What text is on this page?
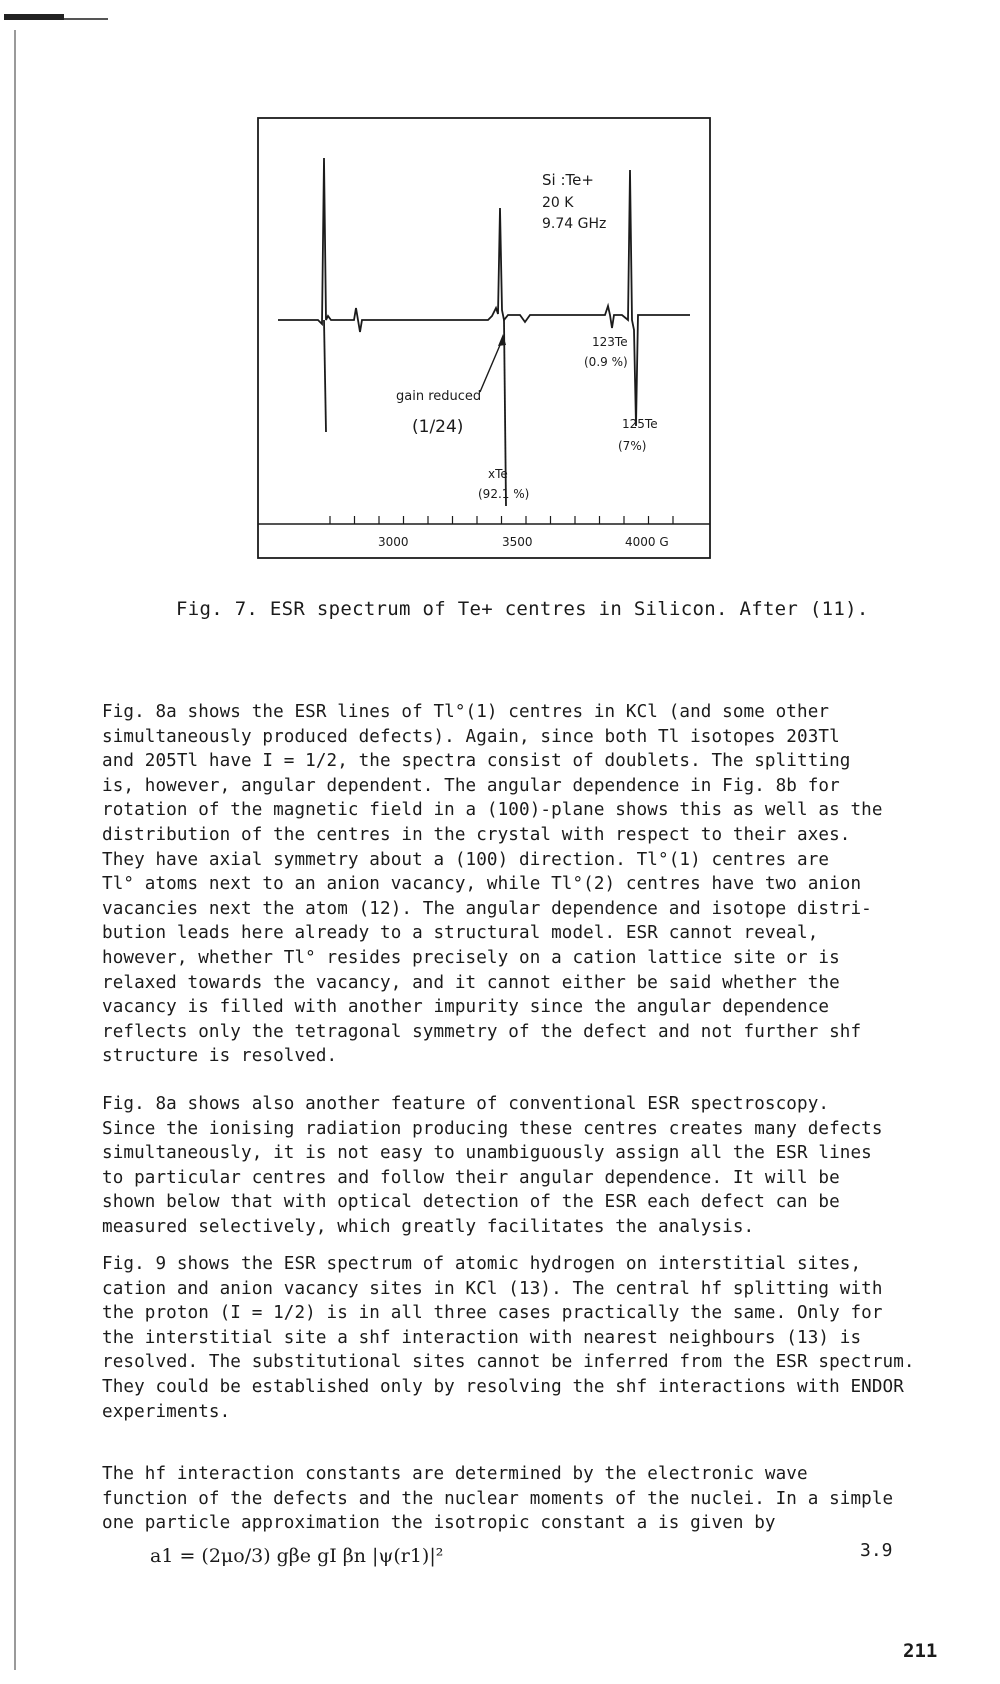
Si :Te+
20 K
9.74 GHz
123Te
(0.9 %)
125Te
(7%)
gain reduced
(1/24)
xTe
(92.1 %)
3000	3500	4000 G
Fig. 7. ESR spectrum of Te+ centres in Silicon. After (11).
Fig. 8a shows the ESR lines of Tl°(1) centres in KCl (and some other
simultaneously produced defects). Again, since both Tl isotopes 203Tl
and 205Tl have I = 1/2, the spectra consist of doublets. The splitting
is, however, angular dependent. The angular dependence in Fig. 8b for
rotation of the magnetic field in a (100)-plane shows this as well as the
distribution of the centres in the crystal with respect to their axes.
They have axial symmetry about a (100) direction. Tl°(1) centres are
Tl° atoms next to an anion vacancy, while Tl°(2) centres have two anion
vacancies next the atom (12). The angular dependence and isotope distri-
bution leads here already to a structural model. ESR cannot reveal,
however, whether Tl° resides precisely on a cation lattice site or is
relaxed towards the vacancy, and it cannot either be said whether the
vacancy is filled with another impurity since the angular dependence
reflects only the tetragonal symmetry of the defect and not further shf
structure is resolved.
Fig. 8a shows also another feature of conventional ESR spectroscopy.
Since the ionising radiation producing these centres creates many defects
simultaneously, it is not easy to unambiguously assign all the ESR lines
to particular centres and follow their angular dependence. It will be
shown below that with optical detection of the ESR each defect can be
measured selectively, which greatly facilitates the analysis.
Fig. 9 shows the ESR spectrum of atomic hydrogen on interstitial sites,
cation and anion vacancy sites in KCl (13). The central hf splitting with
the proton (I = 1/2) is in all three cases practically the same. Only for
the interstitial site a shf interaction with nearest neighbours (13) is
resolved. The substitutional sites cannot be inferred from the ESR spectrum.
They could be established only by resolving the shf interactions with ENDOR
experiments.
The hf interaction constants are determined by the electronic wave
function of the defects and the nuclear moments of the nuclei. In a simple
one particle approximation the isotropic constant a is given by
a1 = (2μo/3) gβe gI βn |ψ(r1)|²	3.9
211
